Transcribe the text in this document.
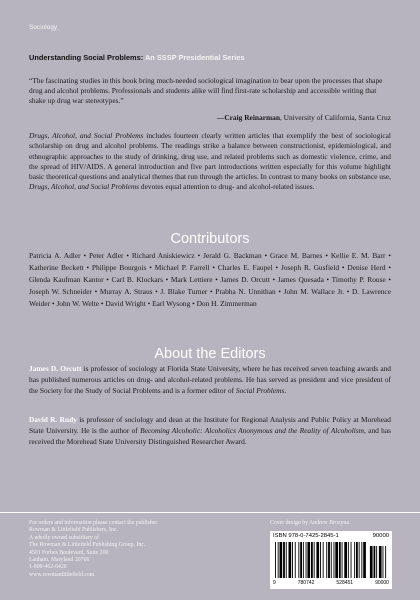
Sociology
Understanding Social Problems: An SSSP Presidential Series
“The fascinating studies in this book bring much-needed sociological imagination to bear upon the processes that shape drug and alcohol problems. Professionals and students alike will find first-rate scholarship and accessible writing that shake up drug war stereotypes.”
—Craig Reinarman, University of California, Santa Cruz
Drugs, Alcohol, and Social Problems includes fourteen clearly written articles that exemplify the best of sociological scholarship on drug and alcohol problems. The readings strike a balance between constructionist, epidemiological, and ethnographic approaches to the study of drinking, drug use, and related problems such as domestic violence, crime, and the spread of HIV/AIDS. A general introduction and five part introductions written especially for this volume highlight basic theoretical questions and analytical themes that run through the articles. In contrast to many books on substance use, Drugs, Alcohol, and Social Problems devotes equal attention to drug- and alcohol-related issues.
Contributors
Patricia A. Adler • Peter Adler • Richard Aniskiewicz • Jerald G. Backman • Grace M. Barnes • Kellie E. M. Barr • Katherine Beckett • Philippe Bourgois • Michael P. Farrell • Charles E. Faupel • Joseph R. Gusfield • Denise Herd • Glenda Kaufman Kantor • Carl B. Klockars • Mark Lettiere • James D. Orcutt • James Quesada • Timothy P. Rouse • Joseph W. Schneider • Murray A. Straus • J. Blake Turner • Prabha N. Unnithan • John M. Wallace Jr. • D. Lawrence Weider • John W. Welte • David Wright • Earl Wysong • Don H. Zimmerman
About the Editors
James D. Orcutt is professor of sociology at Florida State University, where he has received seven teaching awards and has published numerous articles on drug- and alcohol-related problems. He has served as president and vice president of the Society for the Study of Social Problems and is a former editor of Social Problems.
David R. Rudy is professor of sociology and dean at the Institute for Regional Analysis and Public Policy at Morehead State University. He is the author of Becoming Alcoholic: Alcoholics Anonymous and the Reality of Alcoholism, and has received the Morehead State University Distinguished Researcher Award.
For orders and information please contact the publisher
Rowman & Littlefield Publishers, Inc.
A wholly owned subsidiary of
The Rowman & Littlefield Publishing Group, Inc.
4501 Forbes Boulevard, Suite 200
Lanham, Maryland 20706
1-800-462-6420
www.rowmanlittlefield.com
Cover design by Andrew Brozyna
ISBN 978-0-7425-2845-1	90000
9	780742	528451	90000
